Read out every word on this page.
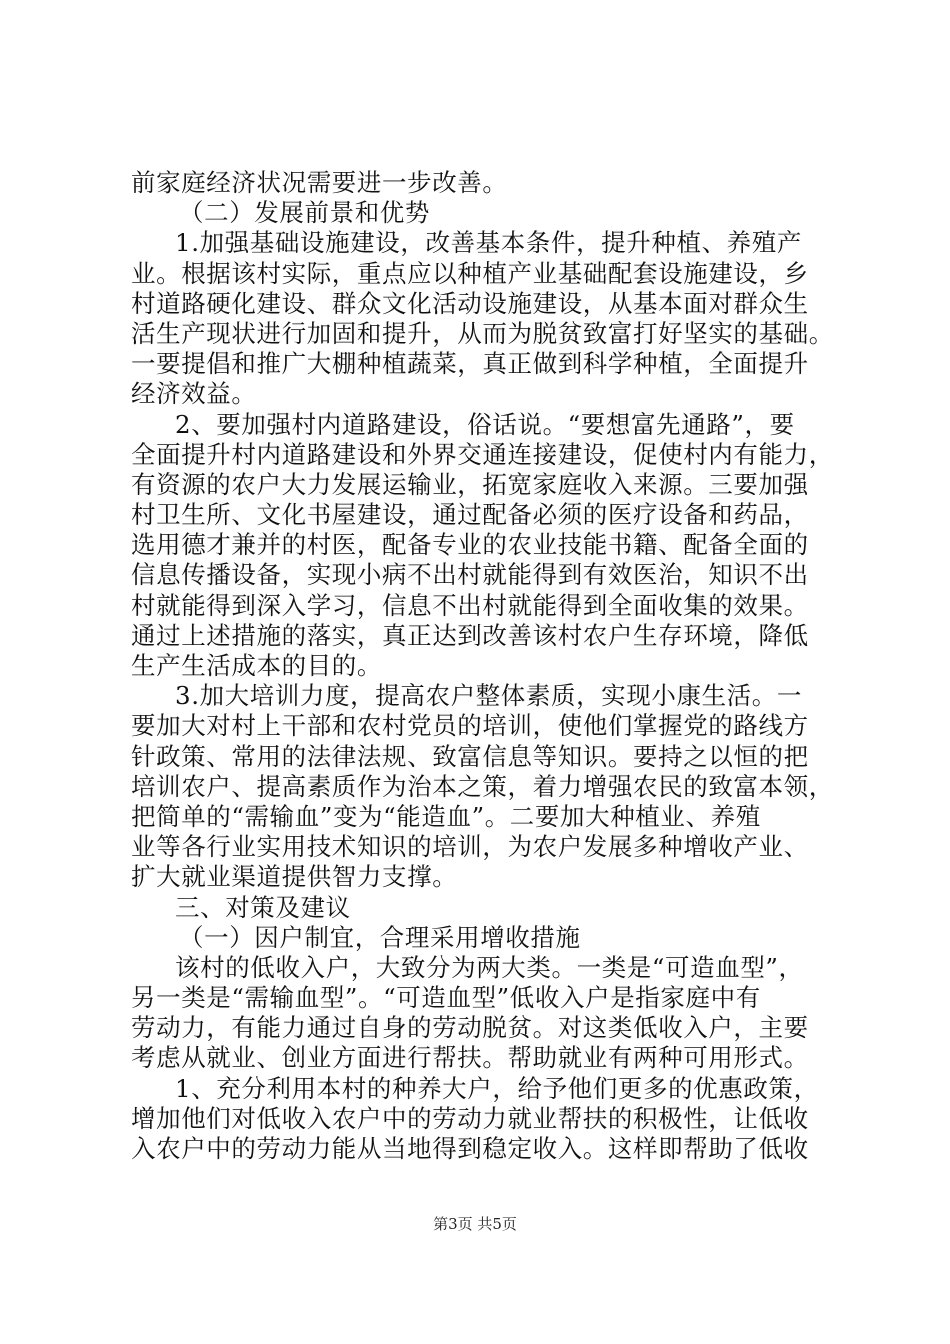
前家庭经济状况需要进一步改善。
（二）发展前景和优势
1.加强基础设施建设，改善基本条件，提升种植、养殖产
业。根据该村实际，重点应以种植产业基础配套设施建设，乡
村道路硬化建设、群众文化活动设施建设，从基本面对群众生
活生产现状进行加固和提升，从而为脱贫致富打好坚实的基础。
一要提倡和推广大棚种植蔬菜，真正做到科学种植，全面提升
经济效益。
2、要加强村内道路建设，俗话说。“要想富先通路”，要
全面提升村内道路建设和外界交通连接建设，促使村内有能力，
有资源的农户大力发展运输业，拓宽家庭收入来源。三要加强
村卫生所、文化书屋建设，通过配备必须的医疗设备和药品，
选用德才兼并的村医，配备专业的农业技能书籍、配备全面的
信息传播设备，实现小病不出村就能得到有效医治，知识不出
村就能得到深入学习，信息不出村就能得到全面收集的效果。
通过上述措施的落实，真正达到改善该村农户生存环境，降低
生产生活成本的目的。
3.加大培训力度，提高农户整体素质，实现小康生活。一
要加大对村上干部和农村党员的培训，使他们掌握党的路线方
针政策、常用的法律法规、致富信息等知识。要持之以恒的把
培训农户、提高素质作为治本之策，着力增强农民的致富本领，
把简单的“需输血”变为“能造血”。二要加大种植业、养殖
业等各行业实用技术知识的培训，为农户发展多种增收产业、
扩大就业渠道提供智力支撑。
三、对策及建议
（一）因户制宜，合理采用增收措施
该村的低收入户，大致分为两大类。一类是“可造血型”，
另一类是“需输血型”。“可造血型”低收入户是指家庭中有
劳动力，有能力通过自身的劳动脱贫。对这类低收入户，主要
考虑从就业、创业方面进行帮扶。帮助就业有两种可用形式。
1、充分利用本村的种养大户，给予他们更多的优惠政策，
增加他们对低收入农户中的劳动力就业帮扶的积极性，让低收
入农户中的劳动力能从当地得到稳定收入。这样即帮助了低收
第3页 共5页
